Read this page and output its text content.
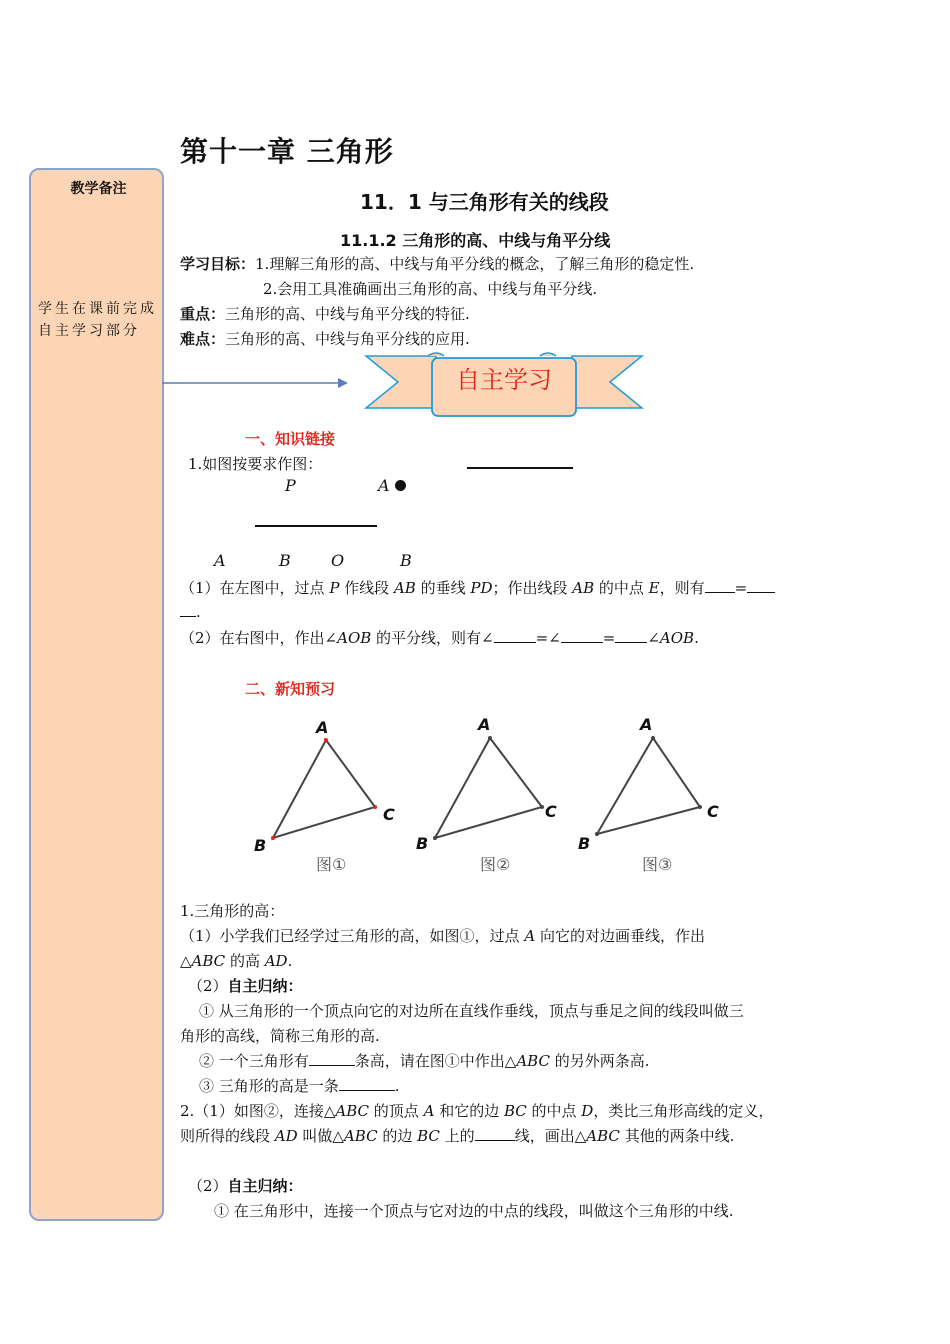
第十一章 三角形
教学备注
学生在课前完成
自主学习部分
11．1 与三角形有关的线段
11.1.2 三角形的高、中线与角平分线
学习目标：1.理解三角形的高、中线与角平分线的概念，了解三角形的稳定性.
2.会用工具准确画出三角形的高、中线与角平分线.
重点：三角形的高、中线与角平分线的特征.
难点：三角形的高、中线与角平分线的应用.
自主学习
一、知识链接
1.如图按要求作图：
P	A
A	B	O	B
（1）在左图中，过点 P 作线段 AB 的垂线 PD；作出线段 AB 的中点 E，则有 =
.
（2）在右图中，作出∠AOB 的平分线，则有∠	=∠	= ∠AOB.
二、新知预习
A
C
B
图①
A
C
B
图②
A
C
B
图③
1.三角形的高：
（1）小学我们已经学过三角形的高，如图①，过点 A 向它的对边画垂线，作出
△ABC 的高 AD.
（2）自主归纳：
① 从三角形的一个顶点向它的对边所在直线作垂线，顶点与垂足之间的线段叫做三
角形的高线，简称三角形的高.
② 一个三角形有	条高，请在图①中作出△ABC 的另外两条高.
③ 三角形的高是一条	.
2.（1）如图②，连接△ABC 的顶点 A 和它的边 BC 的中点 D，类比三角形高线的定义，
则所得的线段 AD 叫做△ABC 的边 BC 上的	线，画出△ABC 其他的两条中线.
（2）自主归纳：
① 在三角形中，连接一个顶点与它对边的中点的线段，叫做这个三角形的中线.
